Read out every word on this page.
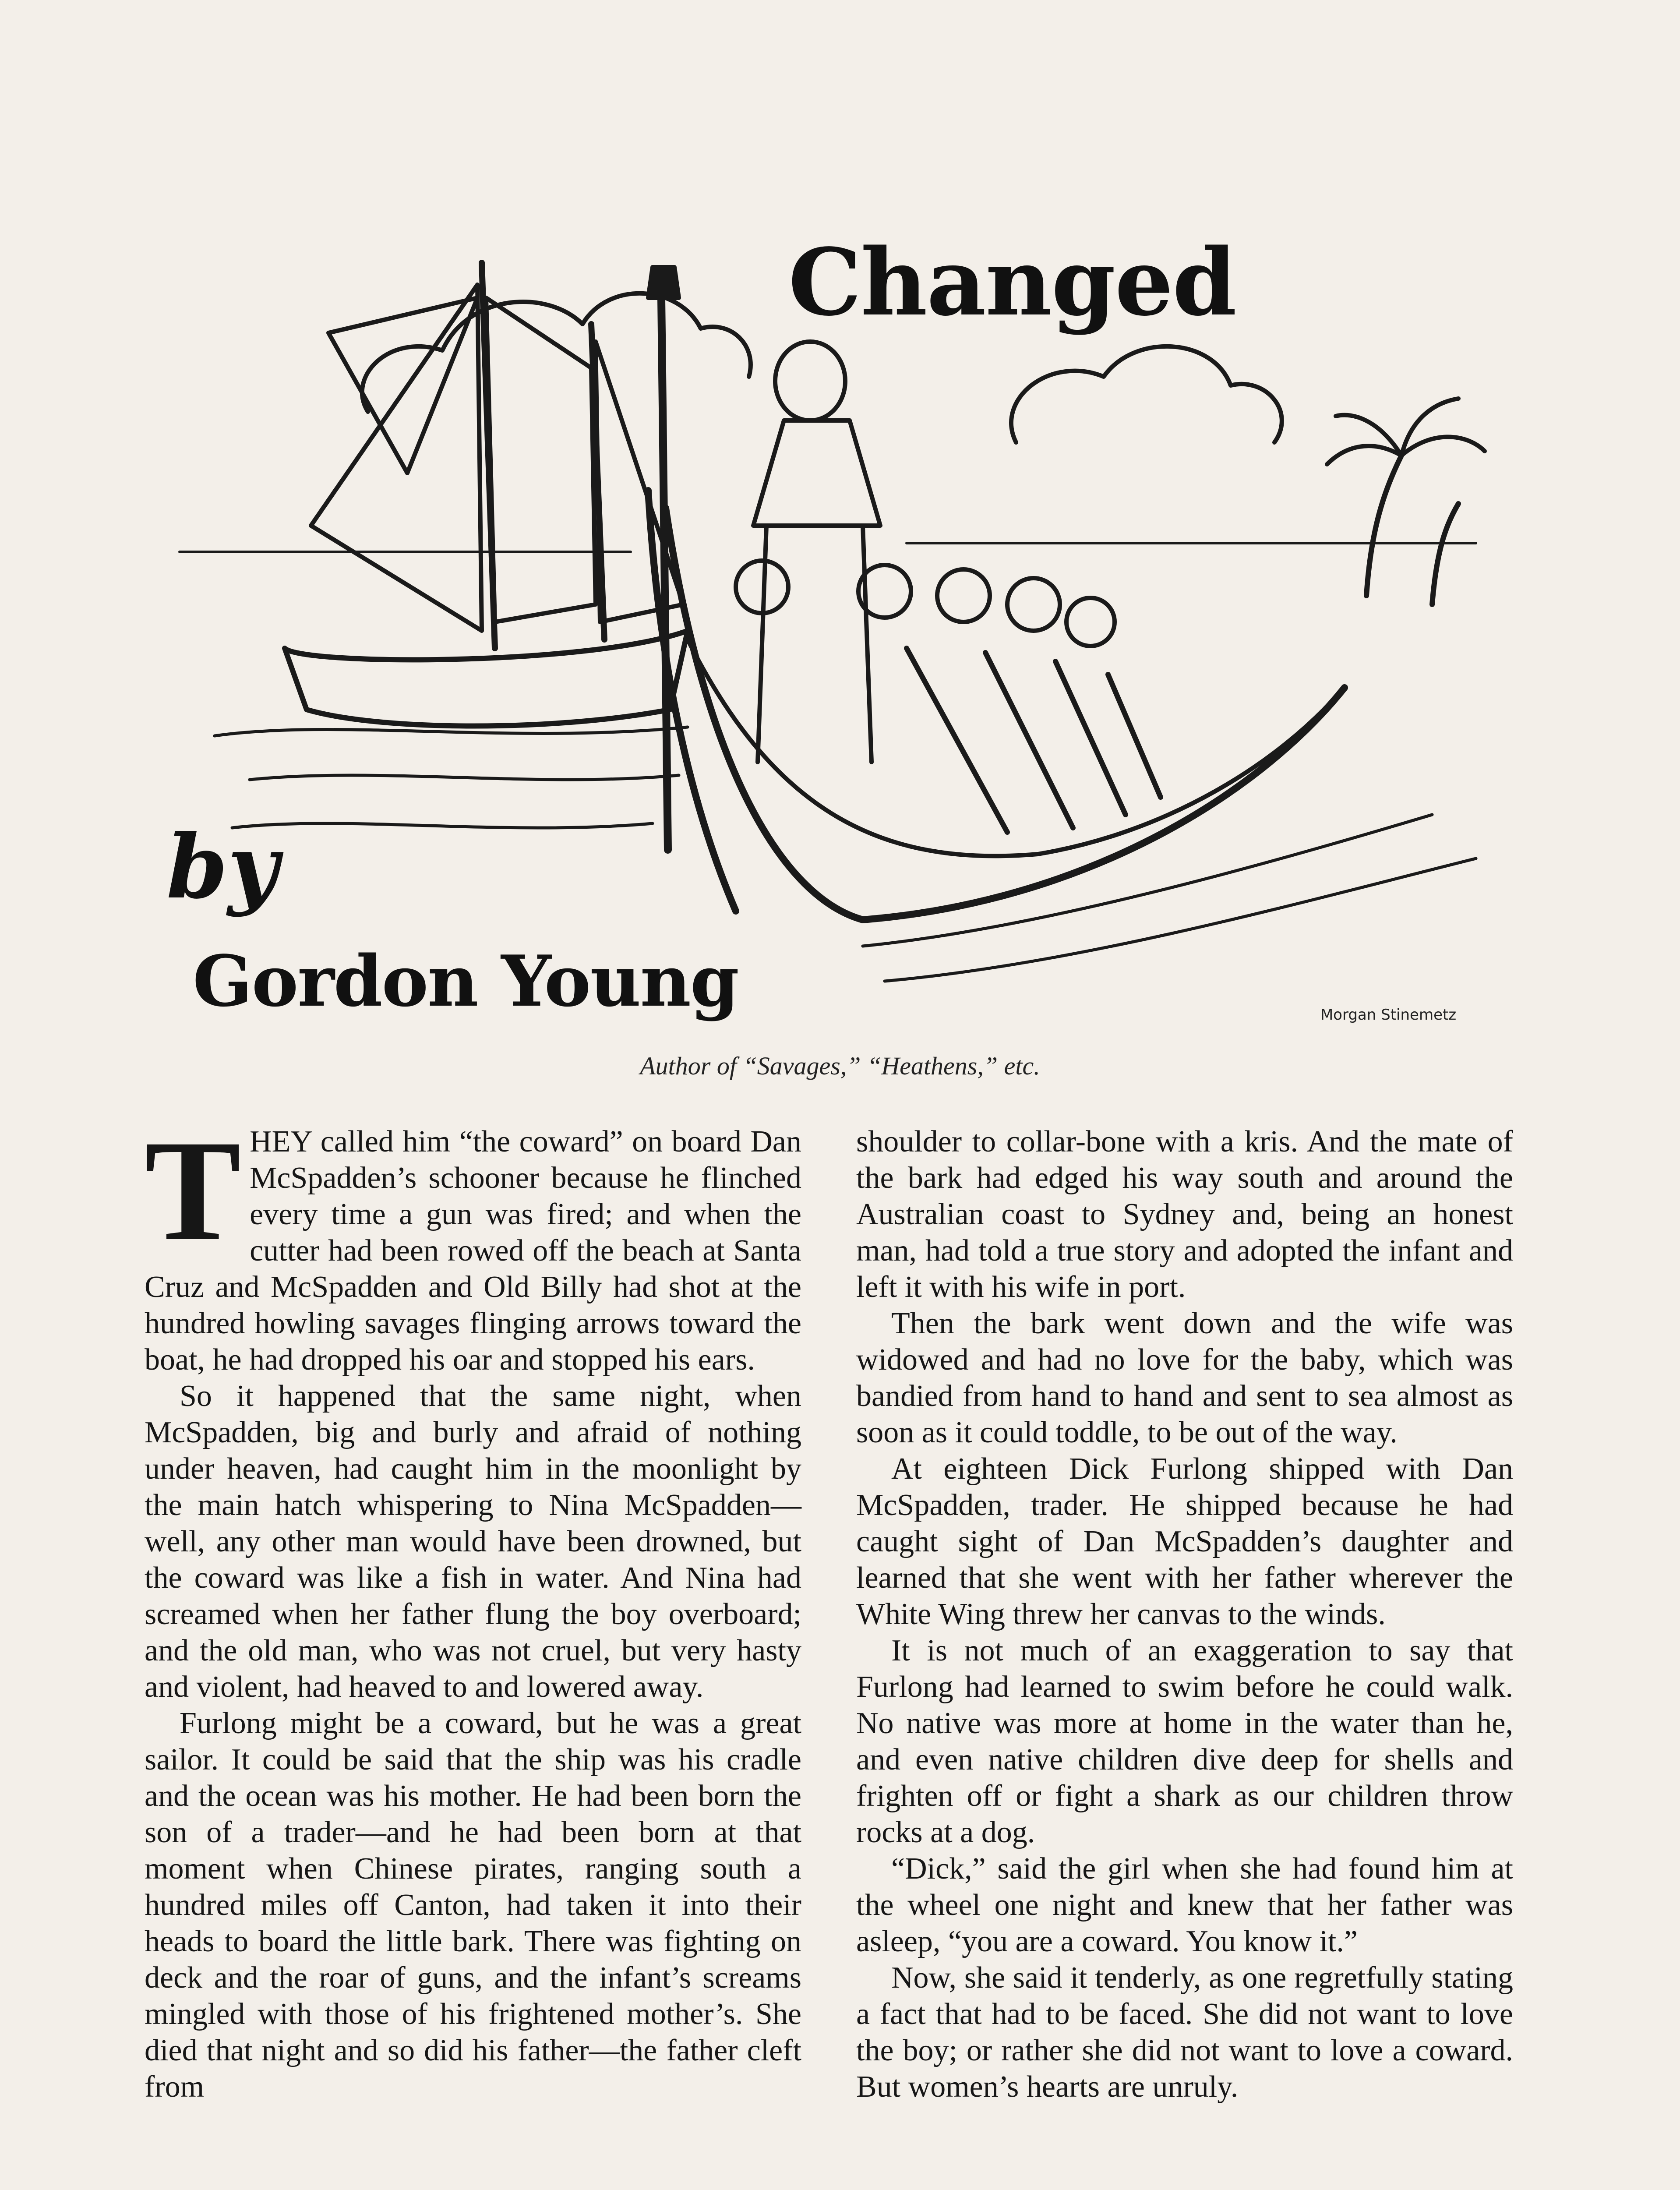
Changed
by
Gordon Young	Morgan Stinemetz
Author of “Savages,” “Heathens,” etc.

THEY called him “the coward” on board Dan McSpadden’s schooner because he flinched every time a gun was fired; and when the cutter had been rowed off the beach at Santa Cruz and McSpadden and Old Billy had shot at the hundred howling savages flinging arrows toward the boat, he had dropped his oar and stopped his ears.

So it happened that the same night, when McSpadden, big and burly and afraid of nothing under heaven, had caught him in the moonlight by the main hatch whispering to Nina McSpadden—well, any other man would have been drowned, but the coward was like a fish in water. And Nina had screamed when her father flung the boy overboard; and the old man, who was not cruel, but very hasty and violent, had heaved to and lowered away.

Furlong might be a coward, but he was a great sailor. It could be said that the ship was his cradle and the ocean was his mother. He had been born the son of a trader—and he had been born at that moment when Chinese pirates, ranging south a hundred miles off Canton, had taken it into their heads to board the little bark. There was fighting on deck and the roar of guns, and the infant’s screams mingled with those of his frightened mother’s. She died that night and so did his father—the father cleft from

shoulder to collar-bone with a kris. And the mate of the bark had edged his way south and around the Australian coast to Sydney and, being an honest man, had told a true story and adopted the infant and left it with his wife in port.

Then the bark went down and the wife was widowed and had no love for the baby, which was bandied from hand to hand and sent to sea almost as soon as it could toddle, to be out of the way.

At eighteen Dick Furlong shipped with Dan McSpadden, trader. He shipped because he had caught sight of Dan McSpadden’s daughter and learned that she went with her father wherever the White Wing threw her canvas to the winds.

It is not much of an exaggeration to say that Furlong had learned to swim before he could walk. No native was more at home in the water than he, and even native children dive deep for shells and frighten off or fight a shark as our children throw rocks at a dog.

“Dick,” said the girl when she had found him at the wheel one night and knew that her father was asleep, “you are a coward. You know it.”

Now, she said it tenderly, as one regretfully stating a fact that had to be faced. She did not want to love the boy; or rather she did not want to love a coward. But women’s hearts are unruly.
